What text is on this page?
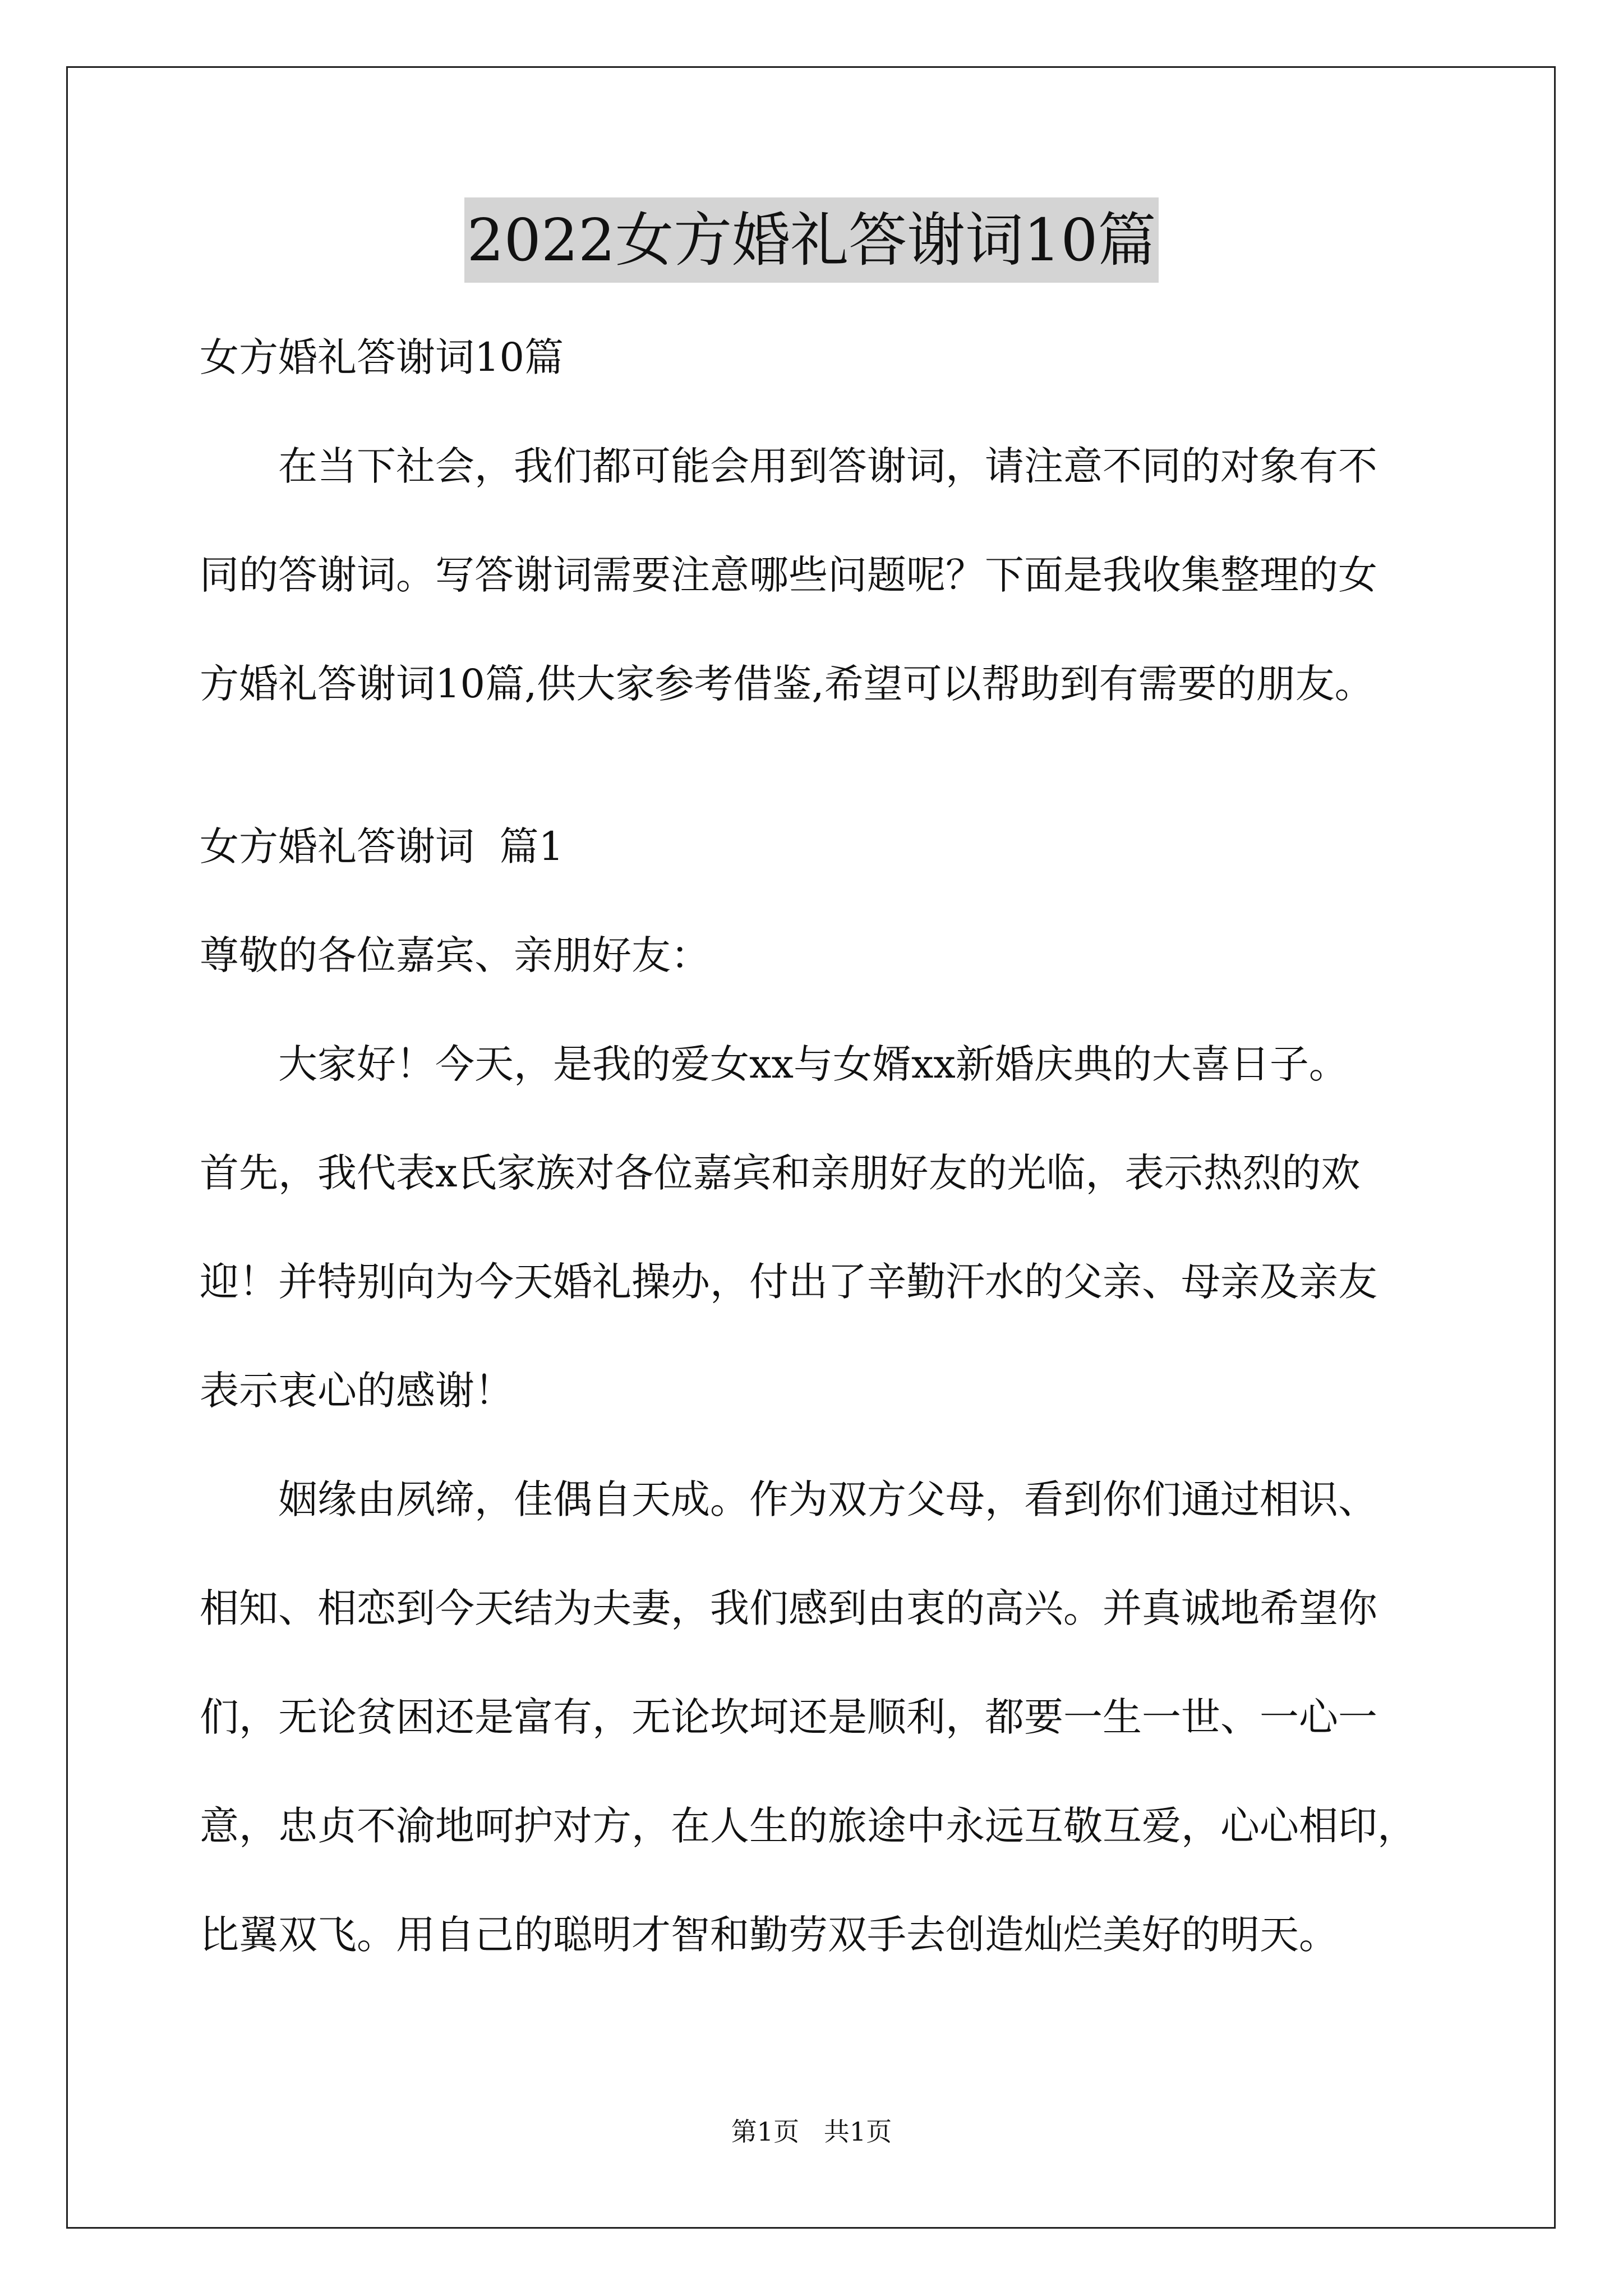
2022女方婚礼答谢词10篇
女方婚礼答谢词10篇
在当下社会，我们都可能会用到答谢词，请注意不同的对象有不
同的答谢词。写答谢词需要注意哪些问题呢？下面是我收集整理的女
方婚礼答谢词10篇,供大家参考借鉴,希望可以帮助到有需要的朋友。
女方婚礼答谢词  篇1
尊敬的各位嘉宾、亲朋好友：
大家好！今天，是我的爱女xx与女婿xx新婚庆典的大喜日子。
首先，我代表x氏家族对各位嘉宾和亲朋好友的光临，表示热烈的欢
迎！并特别向为今天婚礼操办，付出了辛勤汗水的父亲、母亲及亲友
表示衷心的感谢！
姻缘由夙缔，佳偶自天成。作为双方父母，看到你们通过相识、
相知、相恋到今天结为夫妻，我们感到由衷的高兴。并真诚地希望你
们，无论贫困还是富有，无论坎坷还是顺利，都要一生一世、一心一
意，忠贞不渝地呵护对方，在人生的旅途中永远互敬互爱，心心相印，
比翼双飞。用自己的聪明才智和勤劳双手去创造灿烂美好的明天。
第1页   共1页
